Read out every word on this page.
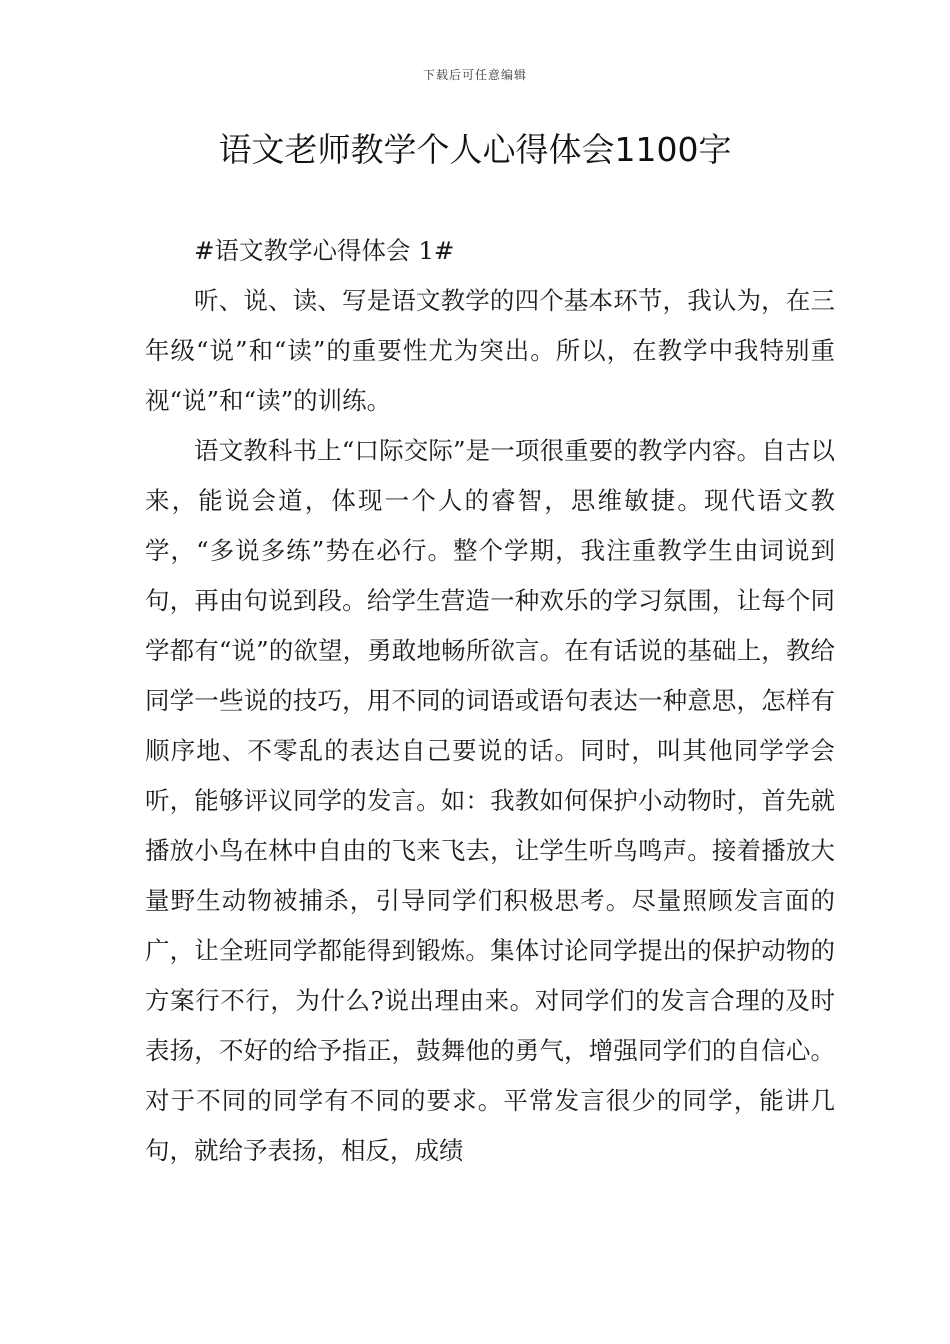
下载后可任意编辑
语文老师教学个人心得体会1100字

#语文教学心得体会 1#

听、说、读、写是语文教学的四个基本环节，我认为，在三年级“说”和“读”的重要性尤为突出。所以，在教学中我特别重视“说”和“读”的训练。

语文教科书上“口际交际”是一项很重要的教学内容。自古以来，能说会道，体现一个人的睿智，思维敏捷。现代语文教学，“多说多练”势在必行。整个学期，我注重教学生由词说到句，再由句说到段。给学生营造一种欢乐的学习氛围，让每个同学都有“说”的欲望，勇敢地畅所欲言。在有话说的基础上，教给同学一些说的技巧，用不同的词语或语句表达一种意思，怎样有顺序地、不零乱的表达自己要说的话。同时，叫其他同学学会听，能够评议同学的发言。如：我教如何保护小动物时，首先就播放小鸟在林中自由的飞来飞去，让学生听鸟鸣声。接着播放大量野生动物被捕杀，引导同学们积极思考。尽量照顾发言面的广，让全班同学都能得到锻炼。集体讨论同学提出的保护动物的方案行不行，为什么?说出理由来。对同学们的发言合理的及时表扬，不好的给予指正，鼓舞他的勇气，增强同学们的自信心。对于不同的同学有不同的要求。平常发言很少的同学，能讲几句，就给予表扬，相反，成绩
